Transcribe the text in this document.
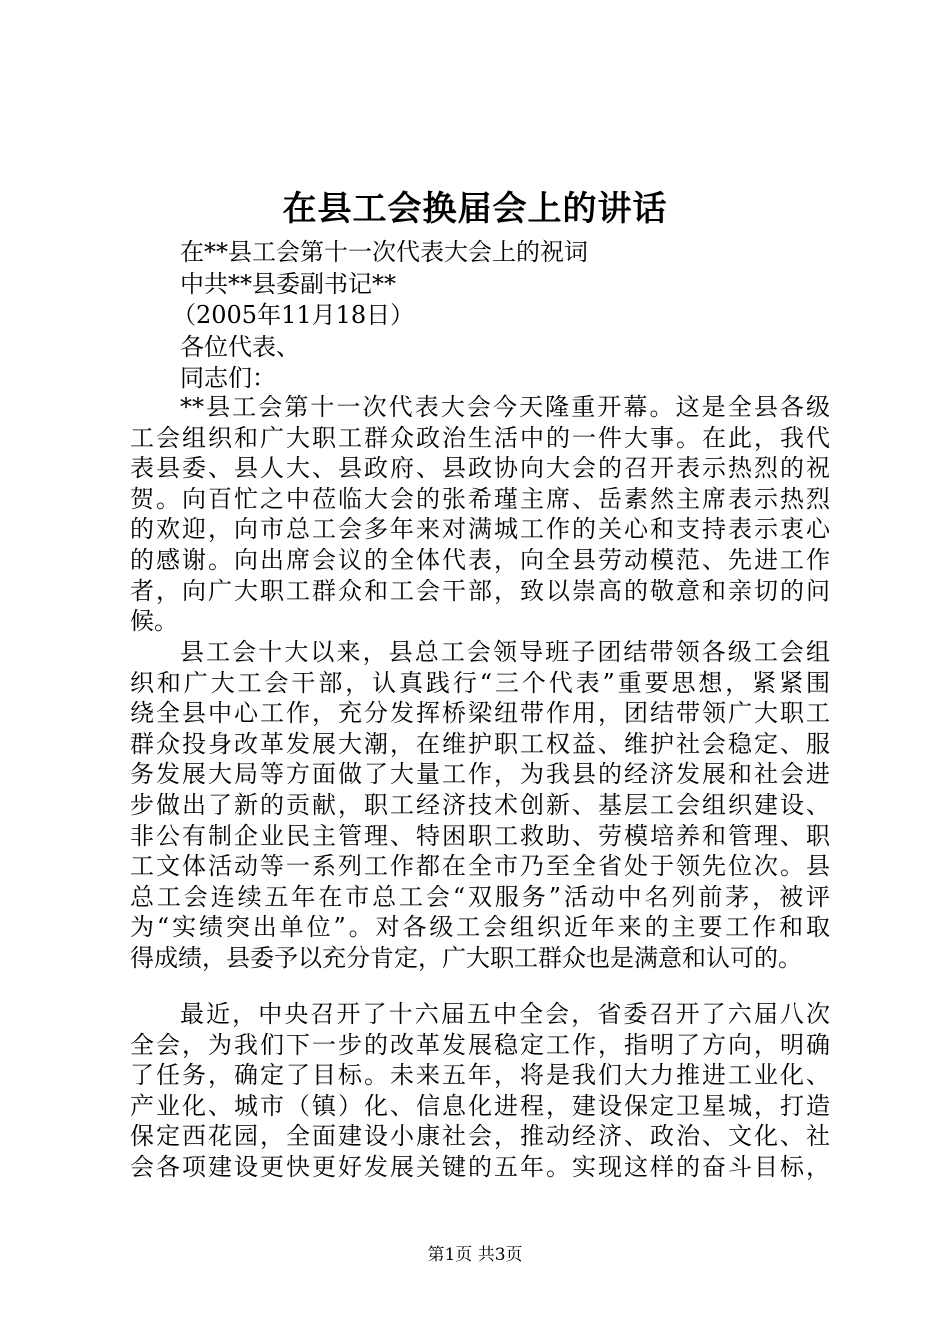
在县工会换届会上的讲话

在**县工会第十一次代表大会上的祝词

中共**县委副书记**

（2005年11月18日）

各位代表、

同志们：

**县工会第十一次代表大会今天隆重开幕。这是全县各级
工会组织和广大职工群众政治生活中的一件大事。在此，我代
表县委、县人大、县政府、县政协向大会的召开表示热烈的祝
贺。向百忙之中莅临大会的张希瑾主席、岳素然主席表示热烈
的欢迎，向市总工会多年来对满城工作的关心和支持表示衷心
的感谢。向出席会议的全体代表，向全县劳动模范、先进工作
者，向广大职工群众和工会干部，致以崇高的敬意和亲切的问
候。
县工会十大以来，县总工会领导班子团结带领各级工会组
织和广大工会干部，认真践行“三个代表”重要思想，紧紧围
绕全县中心工作，充分发挥桥梁纽带作用，团结带领广大职工
群众投身改革发展大潮，在维护职工权益、维护社会稳定、服
务发展大局等方面做了大量工作，为我县的经济发展和社会进
步做出了新的贡献，职工经济技术创新、基层工会组织建设、
非公有制企业民主管理、特困职工救助、劳模培养和管理、职
工文体活动等一系列工作都在全市乃至全省处于领先位次。县
总工会连续五年在市总工会“双服务”活动中名列前茅，被评
为“实绩突出单位”。对各级工会组织近年来的主要工作和取
得成绩，县委予以充分肯定，广大职工群众也是满意和认可的。
最近，中央召开了十六届五中全会，省委召开了六届八次
全会，为我们下一步的改革发展稳定工作，指明了方向，明确
了任务，确定了目标。未来五年，将是我们大力推进工业化、
产业化、城市（镇）化、信息化进程，建设保定卫星城，打造
保定西花园，全面建设小康社会，推动经济、政治、文化、社
会各项建设更快更好发展关键的五年。实现这样的奋斗目标，
第1页 共3页
